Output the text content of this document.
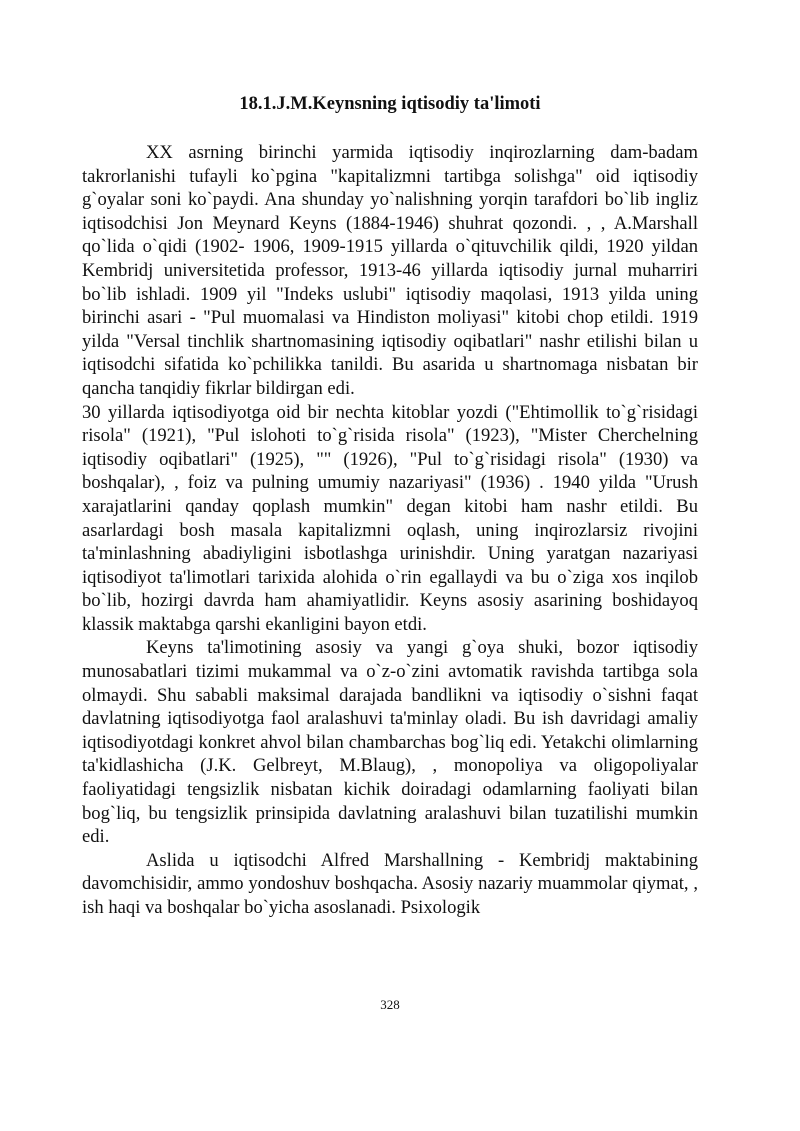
18.1.J.M.Keynsning iqtisodiy ta'limoti

XX asrning birinchi yarmida iqtisodiy inqirozlarning dam-badam takrorlanishi tufayli ko`pgina "kapitalizmni tartibga solishga" oid iqtisodiy g`oyalar soni ko`paydi. Ana shunday yo`nalishning yorqin tarafdori bo`lib ingliz iqtisodchisi Jon Meynard Keyns (1884-1946) shuhrat qozondi. , , A.Marshall qo`lida o`qidi (1902- 1906, 1909-1915 yillarda o`qituvchilik qildi, 1920 yildan Kembridj universitetida professor, 1913-46 yillarda iqtisodiy jurnal muharriri bo`lib ishladi. 1909 yil "Indeks uslubi" iqtisodiy maqolasi, 1913 yilda uning birinchi asari - "Pul muomalasi va Hindiston moliyasi" kitobi chop etildi. 1919 yilda "Versal tinchlik shartnomasining iqtisodiy oqibatlari" nashr etilishi bilan u iqtisodchi sifatida ko`pchilikka tanildi. Bu asarida u shartnomaga nisbatan bir qancha tanqidiy fikrlar bildirgan edi.

30 yillarda iqtisodiyotga oid bir nechta kitoblar yozdi ("Ehtimollik to`g`risidagi risola" (1921), "Pul islohoti to`g`risida risola" (1923), "Mister Cherchelning iqtisodiy oqibatlari" (1925), "" (1926), "Pul to`g`risidagi risola" (1930) va boshqalar), , foiz va pulning umumiy nazariyasi" (1936) . 1940 yilda "Urush xarajatlarini qanday qoplash mumkin" degan kitobi ham nashr etildi. Bu asarlardagi bosh masala kapitalizmni oqlash, uning inqirozlarsiz rivojini ta'minlashning abadiyligini isbotlashga urinishdir. Uning yaratgan nazariyasi iqtisodiyot ta'limotlari tarixida alohida o`rin egallaydi va bu o`ziga xos inqilob bo`lib, hozirgi davrda ham ahamiyatlidir. Keyns asosiy asarining boshidayoq klassik maktabga qarshi ekanligini bayon etdi.

Keyns ta'limotining asosiy va yangi g`oya shuki, bozor iqtisodiy munosabatlari tizimi mukammal va o`z-o`zini avtomatik ravishda tartibga sola olmaydi. Shu sababli maksimal darajada bandlikni va iqtisodiy o`sishni faqat davlatning iqtisodiyotga faol aralashuvi ta'minlay oladi. Bu ish davridagi amaliy iqtisodiyotdagi konkret ahvol bilan chambarchas bog`liq edi. Yetakchi olimlarning ta'kidlashicha (J.K. Gelbreyt, M.Blaug), , monopoliya va oligopoliyalar faoliyatidagi tengsizlik nisbatan kichik doiradagi odamlarning faoliyati bilan bog`liq, bu tengsizlik prinsipida davlatning aralashuvi bilan tuzatilishi mumkin edi.

Aslida u iqtisodchi Alfred Marshallning - Kembridj maktabining davomchisidir, ammo yondoshuv boshqacha. Asosiy nazariy muammolar qiymat, , ish haqi va boshqalar bo`yicha asoslanadi. Psixologik

328
